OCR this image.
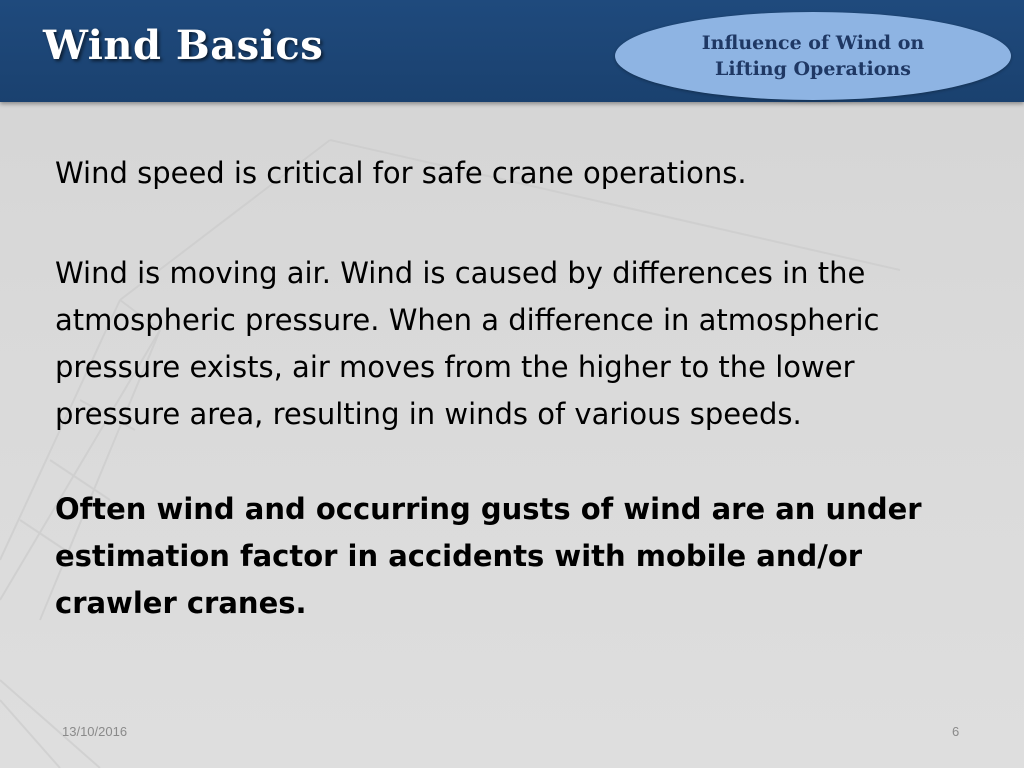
Wind Basics	Influence of Wind on
Lifting Operations
Wind speed is critical for safe crane operations.
Wind is moving air. Wind is caused by differences in the atmospheric pressure. When a difference in atmospheric pressure exists, air moves from the higher to the lower pressure area, resulting in winds of various speeds.
Often wind and occurring gusts of wind are an under estimation factor in accidents with mobile and/or crawler cranes.
13/10/2016	6
